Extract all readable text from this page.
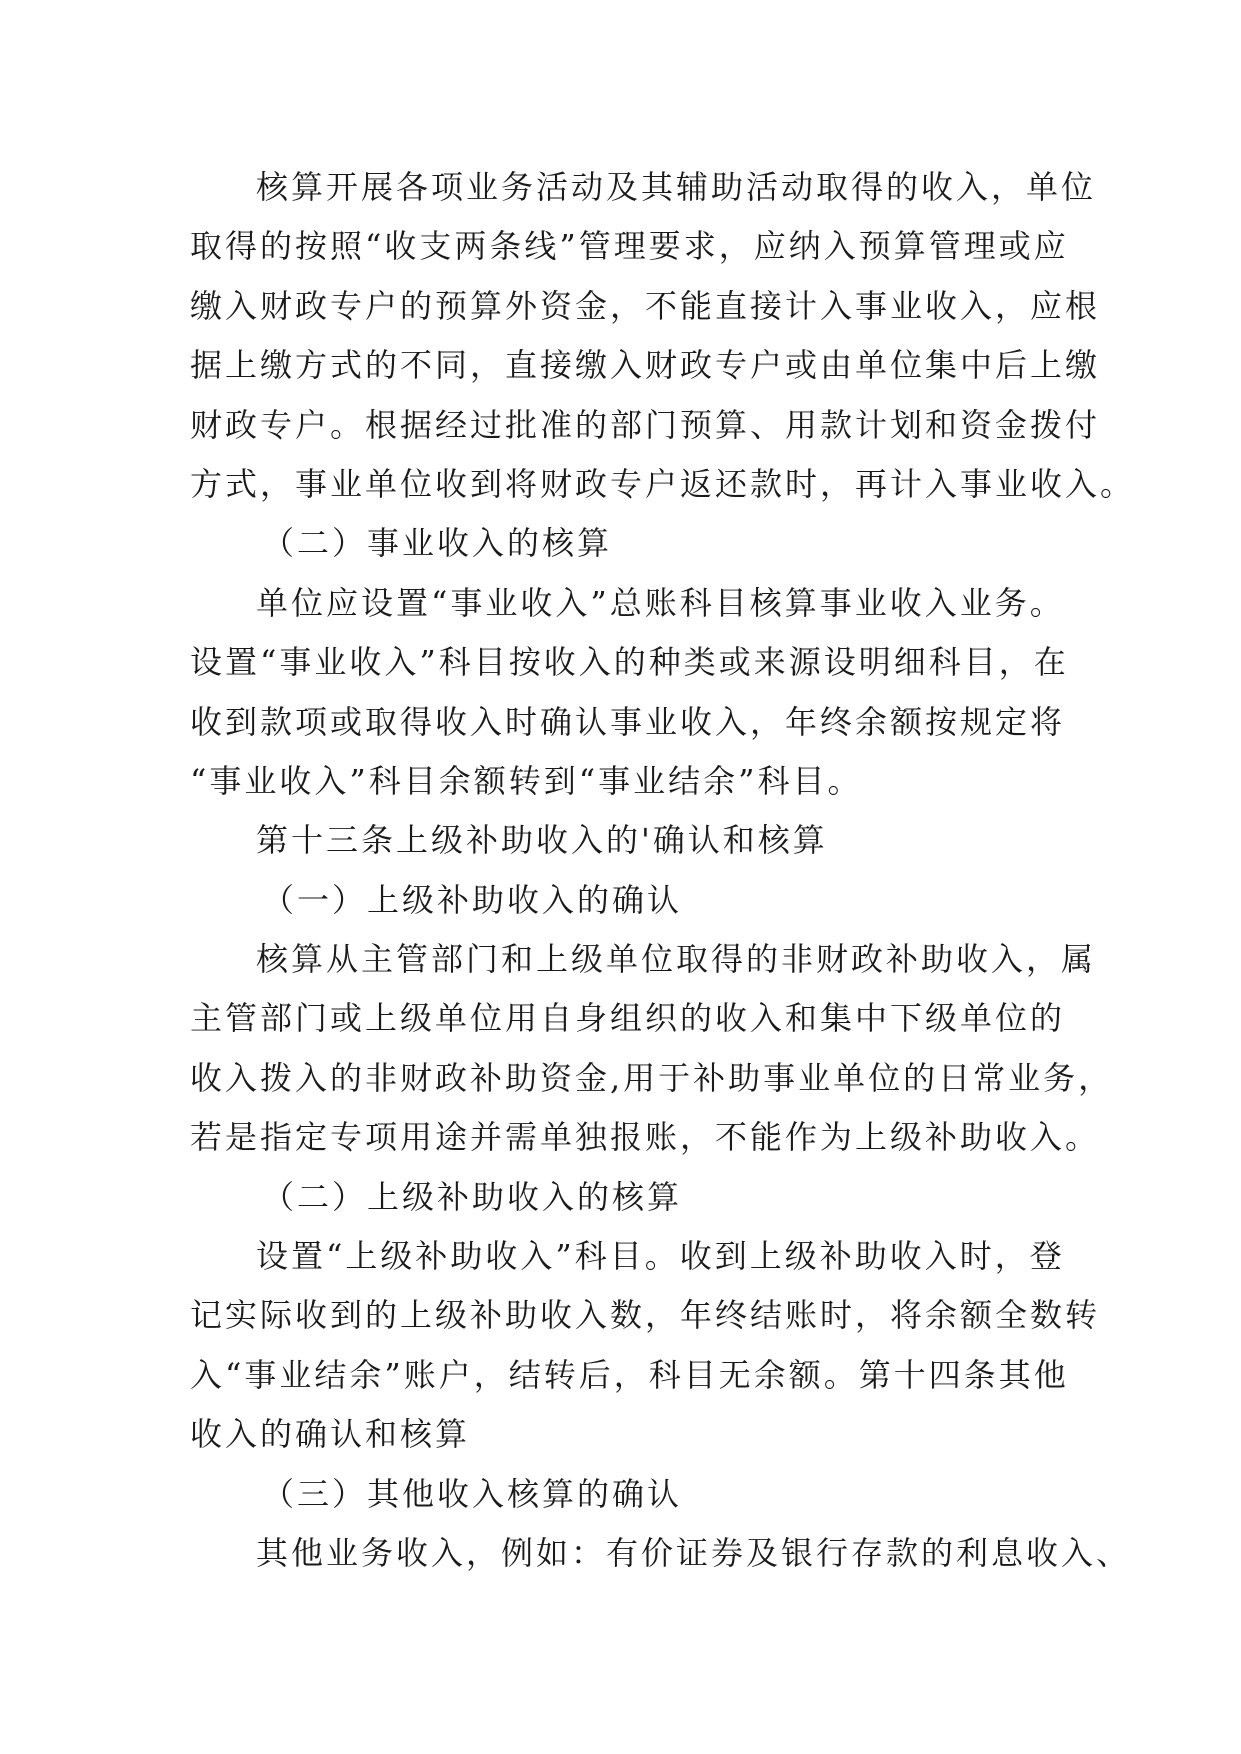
核算开展各项业务活动及其辅助活动取得的收入，单位
取得的按照“收支两条线”管理要求，应纳入预算管理或应
缴入财政专户的预算外资金，不能直接计入事业收入，应根
据上缴方式的不同，直接缴入财政专户或由单位集中后上缴
财政专户。根据经过批准的部门预算、用款计划和资金拨付
方式，事业单位收到将财政专户返还款时，再计入事业收入。
（二）事业收入的核算
单位应设置“事业收入”总账科目核算事业收入业务。
设置“事业收入”科目按收入的种类或来源设明细科目，在
收到款项或取得收入时确认事业收入，年终余额按规定将
“事业收入”科目余额转到“事业结余”科目。
第十三条上级补助收入的'确认和核算
（一）上级补助收入的确认
核算从主管部门和上级单位取得的非财政补助收入，属
主管部门或上级单位用自身组织的收入和集中下级单位的
收入拨入的非财政补助资金,用于补助事业单位的日常业务，
若是指定专项用途并需单独报账，不能作为上级补助收入。
（二）上级补助收入的核算
设置“上级补助收入”科目。收到上级补助收入时，登
记实际收到的上级补助收入数，年终结账时，将余额全数转
入“事业结余”账户，结转后，科目无余额。第十四条其他
收入的确认和核算
（三）其他收入核算的确认
其他业务收入，例如：有价证券及银行存款的利息收入、
